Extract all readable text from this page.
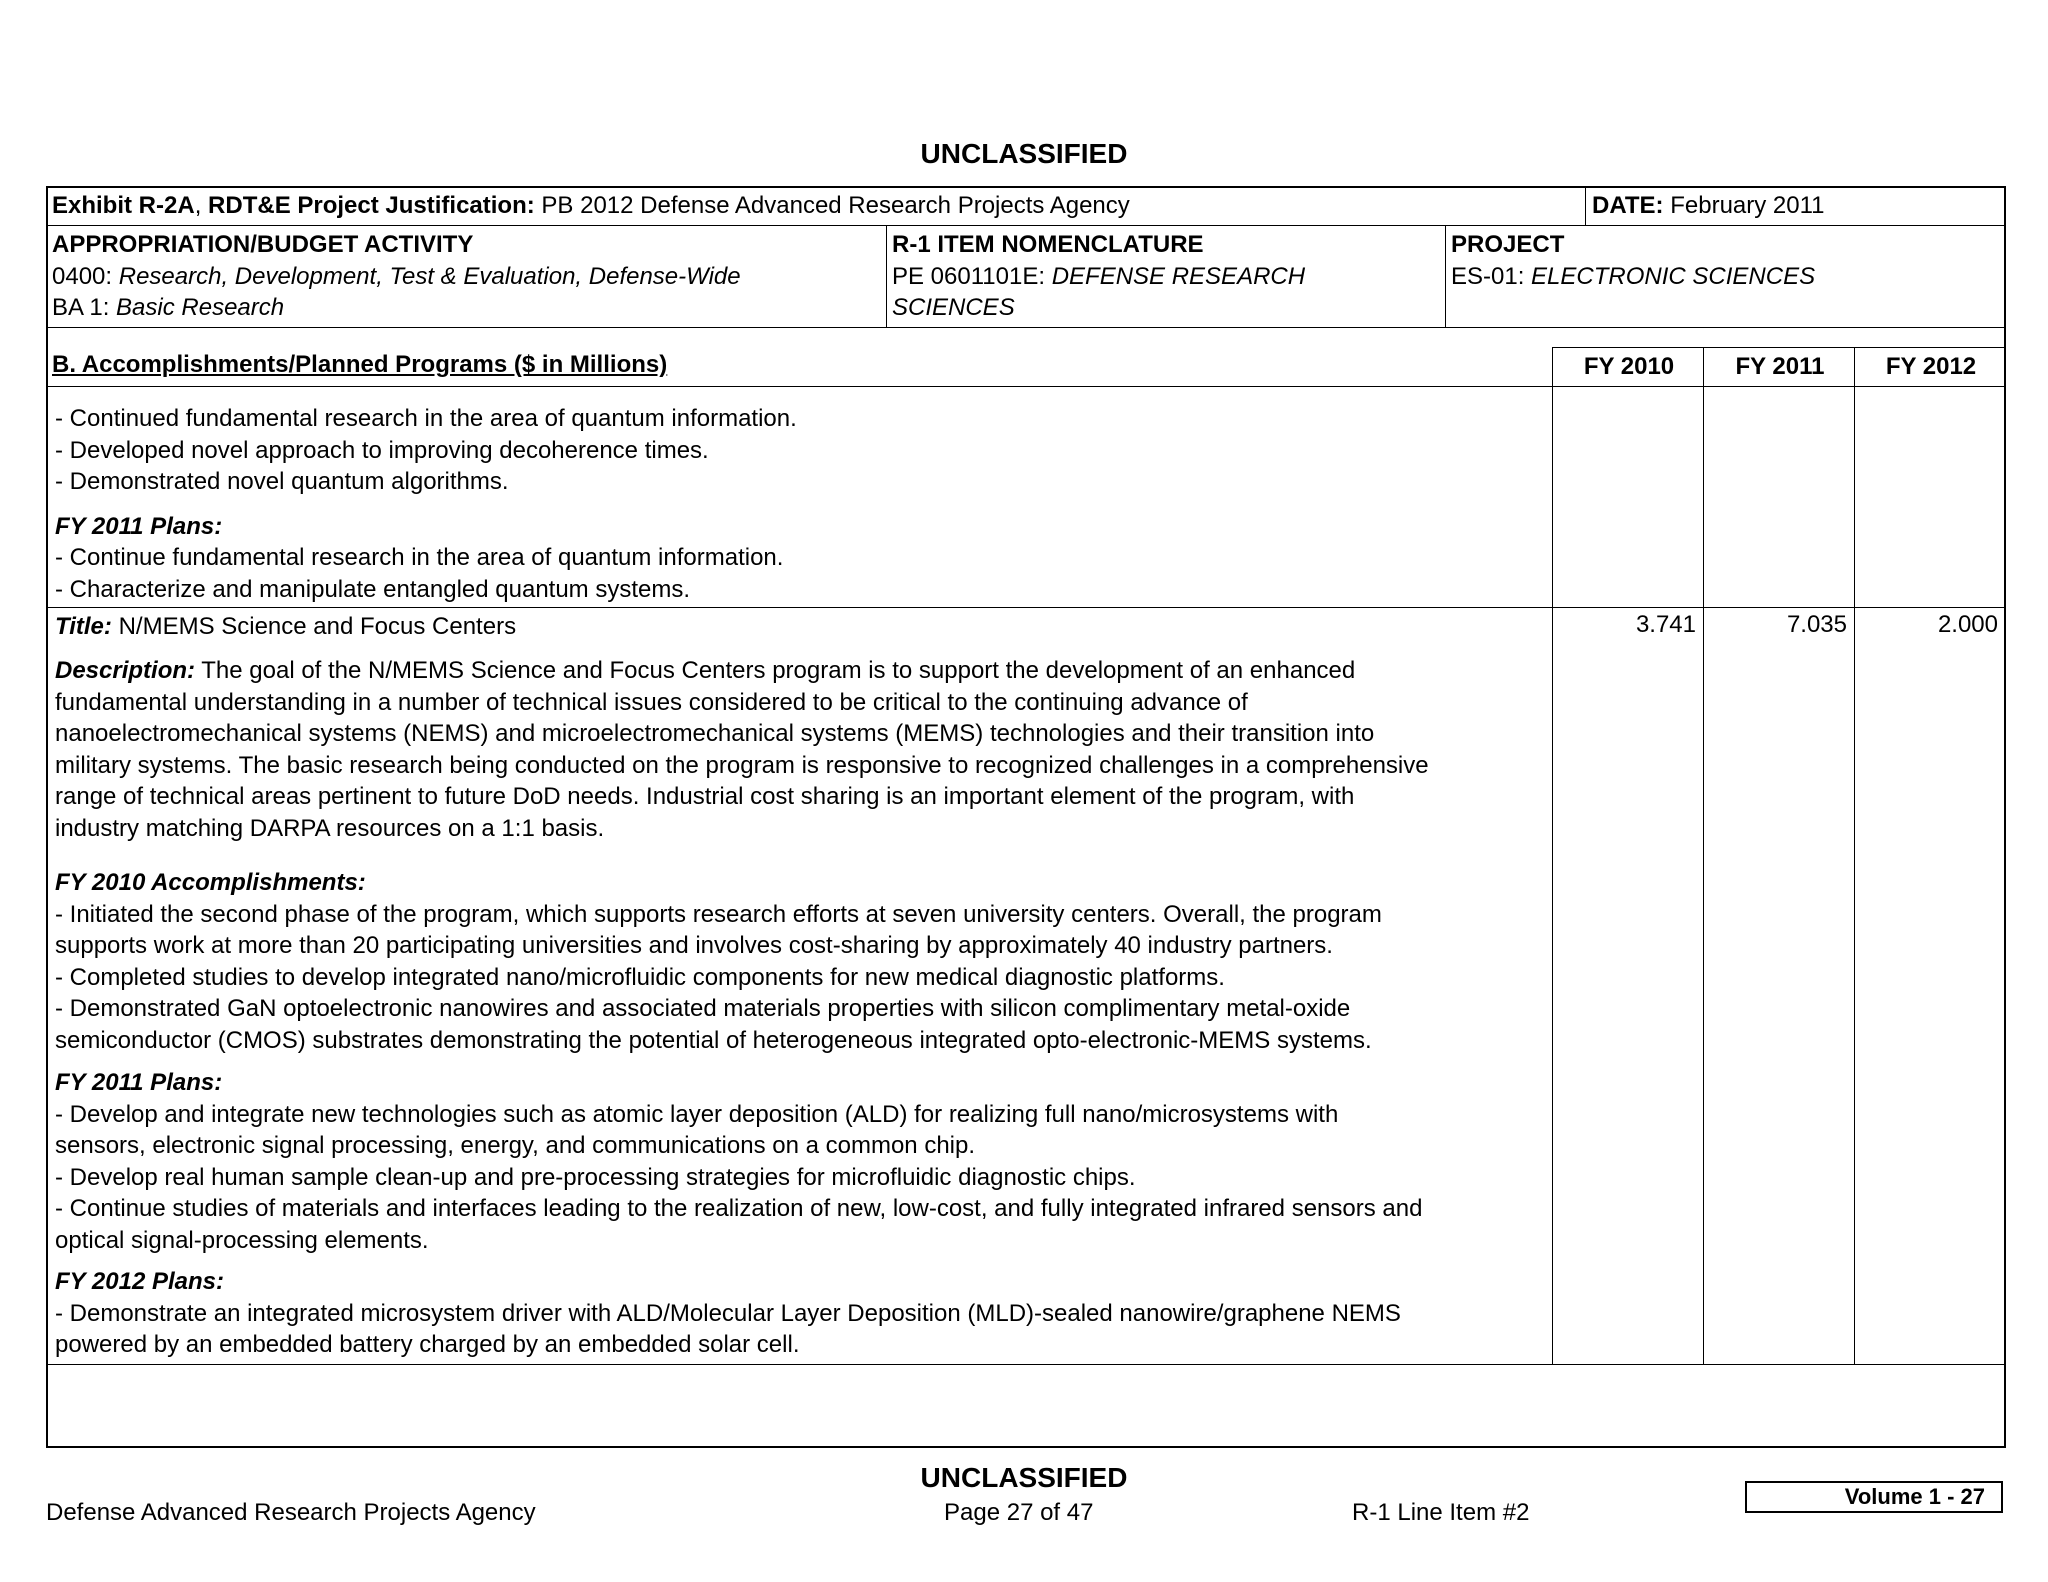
UNCLASSIFIED
Exhibit R-2A, RDT&E Project Justification: PB 2012 Defense Advanced Research Projects Agency	DATE: February 2011
APPROPRIATION/BUDGET ACTIVITY
0400: Research, Development, Test & Evaluation, Defense-Wide
BA 1: Basic Research
R-1 ITEM NOMENCLATURE
PE 0601101E: DEFENSE RESEARCH
SCIENCES
PROJECT
ES-01: ELECTRONIC SCIENCES
B. Accomplishments/Planned Programs ($ in Millions)	FY 2010	FY 2011	FY 2012
- Continued fundamental research in the area of quantum information.
- Developed novel approach to improving decoherence times.
- Demonstrated novel quantum algorithms.
FY 2011 Plans:
- Continue fundamental research in the area of quantum information.
- Characterize and manipulate entangled quantum systems.
Title: N/MEMS Science and Focus Centers	3.741	7.035	2.000
Description: The goal of the N/MEMS Science and Focus Centers program is to support the development of an enhanced
fundamental understanding in a number of technical issues considered to be critical to the continuing advance of
nanoelectromechanical systems (NEMS) and microelectromechanical systems (MEMS) technologies and their transition into
military systems. The basic research being conducted on the program is responsive to recognized challenges in a comprehensive
range of technical areas pertinent to future DoD needs. Industrial cost sharing is an important element of the program, with
industry matching DARPA resources on a 1:1 basis.
FY 2010 Accomplishments:
- Initiated the second phase of the program, which supports research efforts at seven university centers. Overall, the program
supports work at more than 20 participating universities and involves cost-sharing by approximately 40 industry partners.
- Completed studies to develop integrated nano/microfluidic components for new medical diagnostic platforms.
- Demonstrated GaN optoelectronic nanowires and associated materials properties with silicon complimentary metal-oxide
semiconductor (CMOS) substrates demonstrating the potential of heterogeneous integrated opto-electronic-MEMS systems.
FY 2011 Plans:
- Develop and integrate new technologies such as atomic layer deposition (ALD) for realizing full nano/microsystems with
sensors, electronic signal processing, energy, and communications on a common chip.
- Develop real human sample clean-up and pre-processing strategies for microfluidic diagnostic chips.
- Continue studies of materials and interfaces leading to the realization of new, low-cost, and fully integrated infrared sensors and
optical signal-processing elements.
FY 2012 Plans:
- Demonstrate an integrated microsystem driver with ALD/Molecular Layer Deposition (MLD)-sealed nanowire/graphene NEMS
powered by an embedded battery charged by an embedded solar cell.
UNCLASSIFIED
Defense Advanced Research Projects Agency	Page 27 of 47	R-1 Line Item #2
Volume 1 - 27
